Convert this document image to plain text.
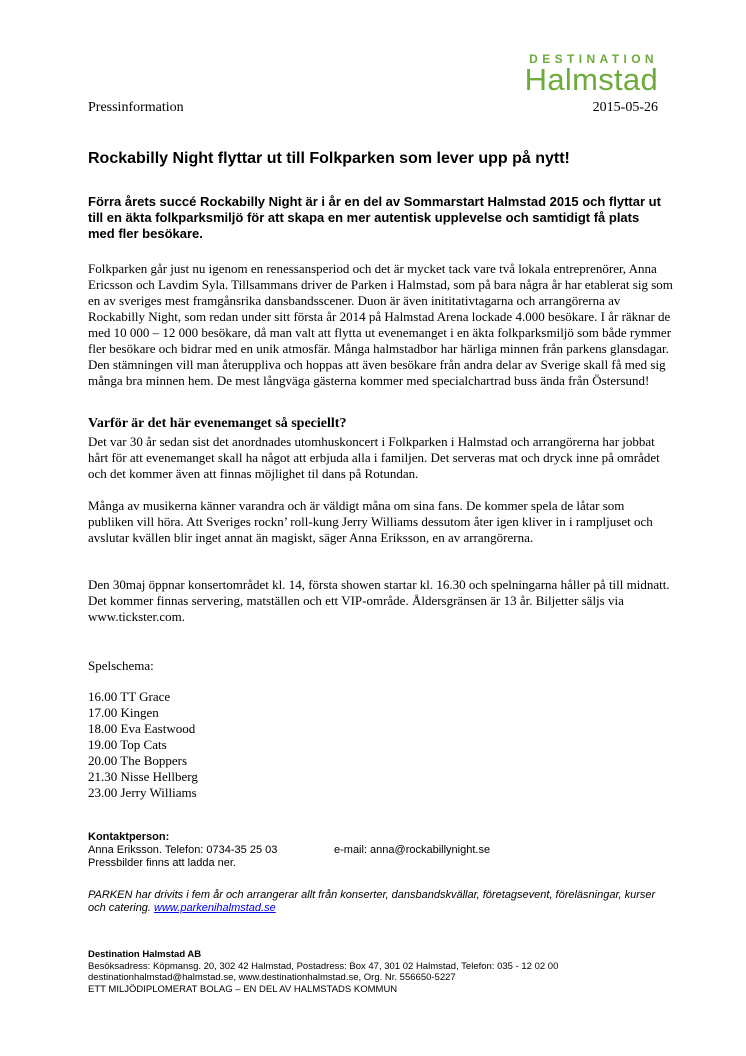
DESTINATION
Halmstad
Pressinformation	2015-05-26
Rockabilly Night flyttar ut till Folkparken som lever upp på nytt!
Förra årets succé Rockabilly Night är i år en del av Sommarstart Halmstad 2015 och flyttar ut till en äkta folkparksmiljö för att skapa en mer autentisk upplevelse och samtidigt få plats med fler besökare.
Folkparken går just nu igenom en renessansperiod och det är mycket tack vare två lokala entreprenörer, Anna Ericsson och Lavdim Syla. Tillsammans driver de Parken i Halmstad, som på bara några år har etablerat sig som en av sveriges mest framgånsrika dansbandsscener. Duon är även inititativtagarna och arrangörerna av Rockabilly Night, som redan under sitt första år 2014 på Halmstad Arena lockade 4.000 besökare. I år räknar de med 10 000 – 12 000 besökare, då man valt att flytta ut evenemanget i en äkta folkparksmiljö som både rymmer fler besökare och bidrar med en unik atmosfär. Många halmstadbor har härliga minnen från parkens glansdagar. Den stämningen vill man återuppliva och hoppas att även besökare från andra delar av Sverige skall få med sig många bra minnen hem. De mest långväga gästerna kommer med specialchartrad buss ända från Östersund!
Varför är det här evenemanget så speciellt?
Det var 30 år sedan sist det anordnades utomhuskoncert i Folkparken i Halmstad och arrangörerna har jobbat hårt för att evenemanget skall ha något att erbjuda alla i familjen. Det serveras mat och dryck inne på området och det kommer även att finnas möjlighet til dans på Rotundan.
Många av musikerna känner varandra och är väldigt måna om sina fans. De kommer spela de låtar som publiken vill höra. Att Sveriges rockn’ roll-kung Jerry Williams dessutom åter igen kliver in i rampljuset och avslutar kvällen blir inget annat än magiskt, säger Anna Eriksson, en av arrangörerna.
Den 30maj öppnar konsertområdet kl. 14, första showen startar kl. 16.30 och spelningarna håller på till midnatt. Det kommer finnas servering, matställen och ett VIP-område. Åldersgränsen är 13 år. Biljetter säljs via www.tickster.com.
Spelschema:
16.00 TT Grace
17.00 Kingen
18.00 Eva Eastwood
19.00 Top Cats
20.00 The Boppers
21.30 Nisse Hellberg
23.00 Jerry Williams
Kontaktperson:
Anna Eriksson. Telefon: 0734-35 25 03	e-mail: anna@rockabillynight.se
Pressbilder finns att ladda ner.
PARKEN har drivits i fem år och arrangerar allt från konserter, dansbandskvällar, företagsevent, föreläsningar, kurser och catering. www.parkenihalmstad.se
Destination Halmstad AB
Besöksadress: Köpmansg. 20, 302 42 Halmstad, Postadress: Box 47, 301 02 Halmstad, Telefon: 035 - 12 02 00
destinationhalmstad@halmstad.se, www.destinationhalmstad.se, Org. Nr. 556650-5227
ETT MILJÖDIPLOMERAT BOLAG – EN DEL AV HALMSTADS KOMMUN
